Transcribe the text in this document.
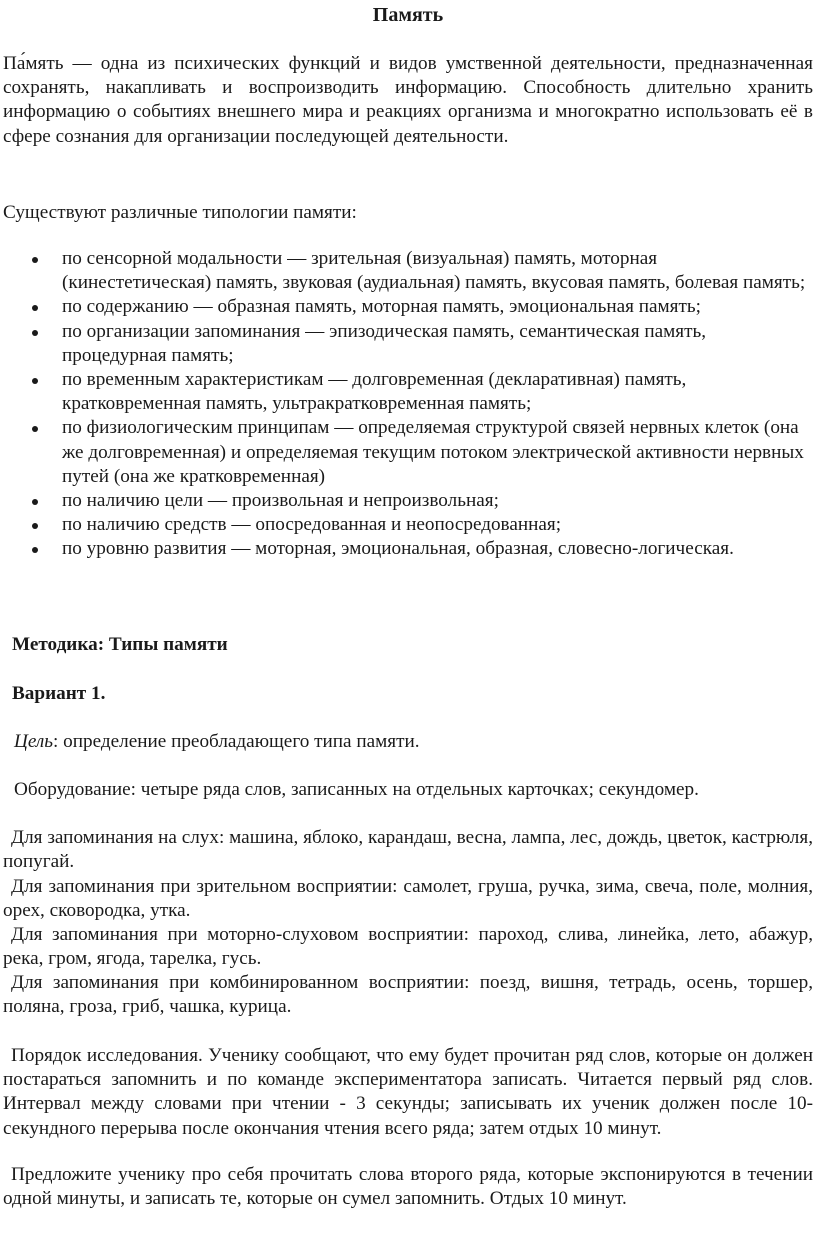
Память

Па́мять — одна из психических функций и видов умственной деятельности, предназначенная сохранять, накапливать и воспроизводить информацию. Способность длительно хранить информацию о событиях внешнего мира и реакциях организма и многократно использовать её в сфере сознания для организации последующей деятельности.

Существуют различные типологии памяти:

по сенсорной модальности — зрительная (визуальная) память, моторная (кинестетическая) память, звуковая (аудиальная) память, вкусовая память, болевая память;
по содержанию — образная память, моторная память, эмоциональная память;
по организации запоминания — эпизодическая память, семантическая память, процедурная память;
по временным характеристикам — долговременная (декларативная) память, кратковременная память, ультракратковременная память;
по физиологическим принципам — определяемая структурой связей нервных клеток (она же долговременная) и определяемая текущим потоком электрической активности нервных путей (она же кратковременная)
по наличию цели — произвольная и непроизвольная;
по наличию средств — опосредованная и неопосредованная;
по уровню развития — моторная, эмоциональная, образная, словесно-логическая.
Методика: Типы памяти
Вариант 1.

Цель: определение преобладающего типа памяти.

Оборудование: четыре ряда слов, записанных на отдельных карточках; секундомер.

Для запоминания на слух: машина, яблоко, карандаш, весна, лампа, лес, дождь, цветок, кастрюля, попугай.

Для запоминания при зрительном восприятии: самолет, груша, ручка, зима, свеча, поле, молния, орех, сковородка, утка.

Для запоминания при моторно-слуховом восприятии: пароход, слива, линейка, лето, абажур, река, гром, ягода, тарелка, гусь.

Для запоминания при комбинированном восприятии: поезд, вишня, тетрадь, осень, торшер, поляна, гроза, гриб, чашка, курица.

Порядок исследования. Ученику сообщают, что ему будет прочитан ряд слов, которые он должен постараться запомнить и по команде экспериментатора записать. Читается первый ряд слов. Интервал между словами при чтении - 3 секунды; записывать их ученик должен после 10-секундного перерыва после окончания чтения всего ряда; затем отдых 10 минут.

Предложите ученику про себя прочитать слова второго ряда, которые экспонируются в течении одной минуты, и записать те, которые он сумел запомнить. Отдых 10 минут.
